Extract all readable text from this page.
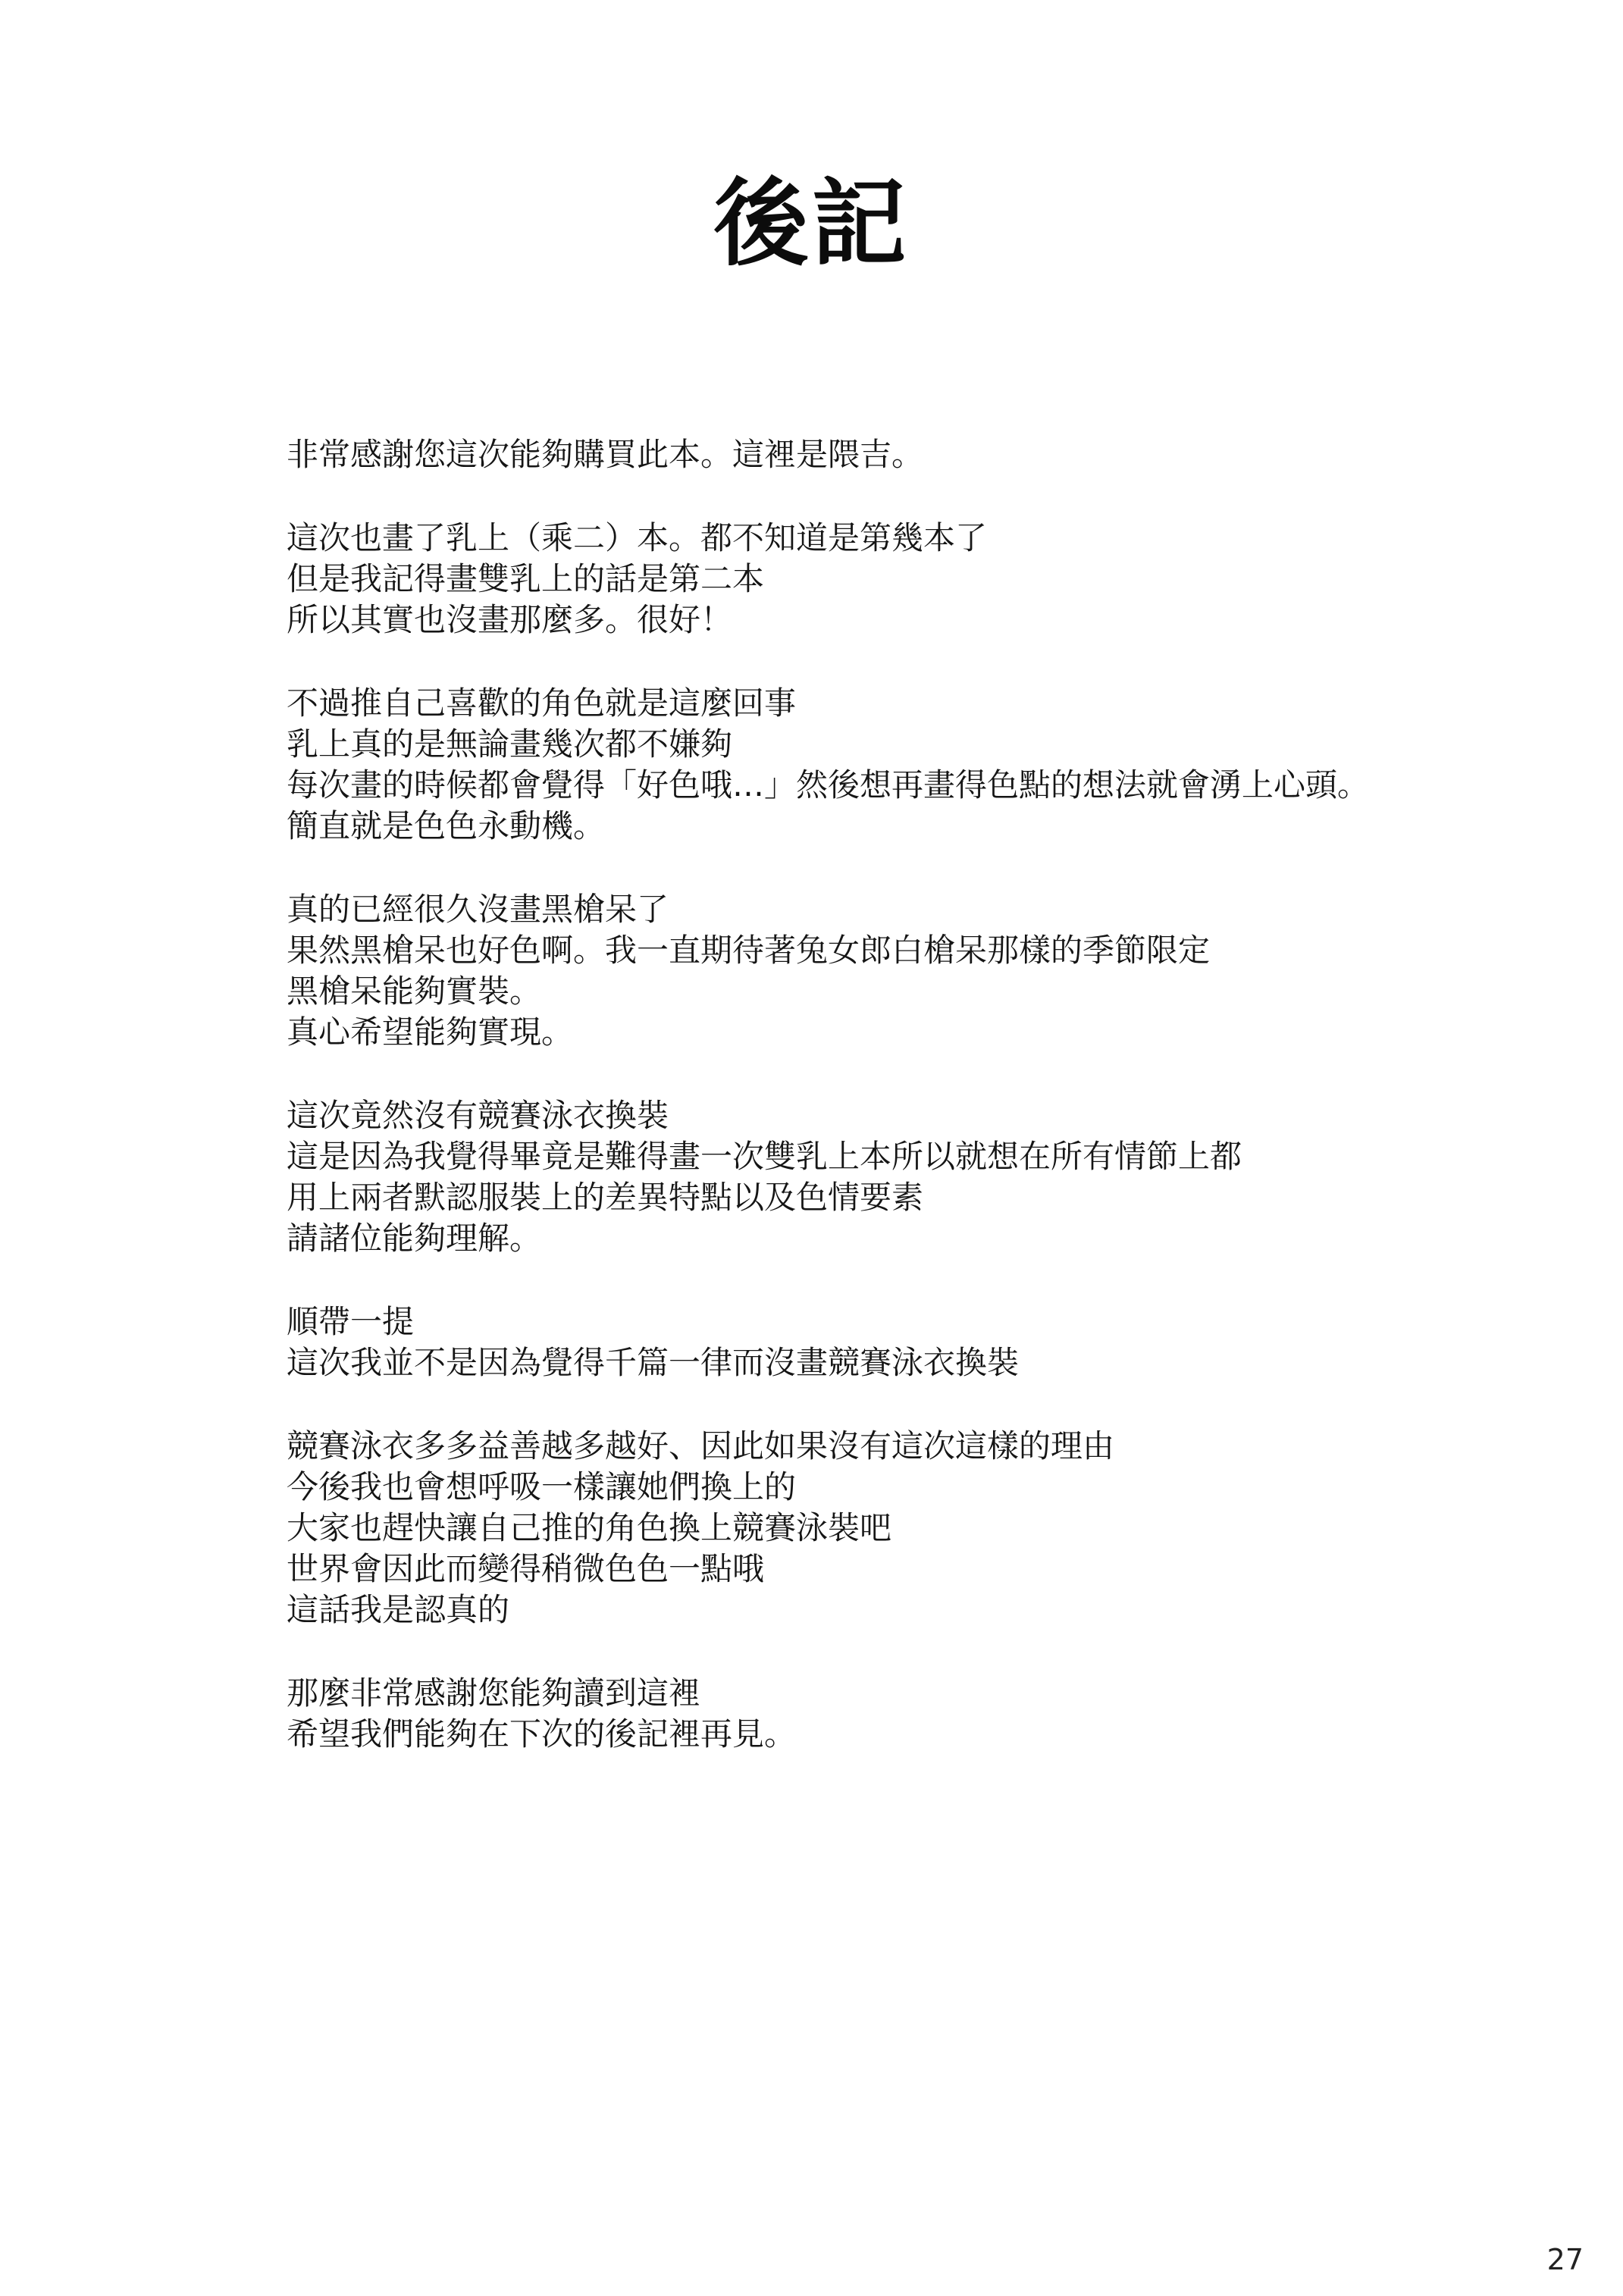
後記
非常感謝您這次能夠購買此本。這裡是隈吉。
這次也畫了乳上（乘二）本。都不知道是第幾本了
但是我記得畫雙乳上的話是第二本
所以其實也沒畫那麼多。很好！
不過推自己喜歡的角色就是這麼回事
乳上真的是無論畫幾次都不嫌夠
每次畫的時候都會覺得「好色哦…」然後想再畫得色點的想法就會湧上心頭。
簡直就是色色永動機。
真的已經很久沒畫黑槍呆了
果然黑槍呆也好色啊。我一直期待著兔女郎白槍呆那樣的季節限定
黑槍呆能夠實裝。
真心希望能夠實現。
這次竟然沒有競賽泳衣換裝
這是因為我覺得畢竟是難得畫一次雙乳上本所以就想在所有情節上都
用上兩者默認服裝上的差異特點以及色情要素
請諸位能夠理解。
順帶一提
這次我並不是因為覺得千篇一律而沒畫競賽泳衣換裝
競賽泳衣多多益善越多越好、因此如果沒有這次這樣的理由
今後我也會想呼吸一樣讓她們換上的
大家也趕快讓自己推的角色換上競賽泳裝吧
世界會因此而變得稍微色色一點哦
這話我是認真的
那麼非常感謝您能夠讀到這裡
希望我們能夠在下次的後記裡再見。
27
